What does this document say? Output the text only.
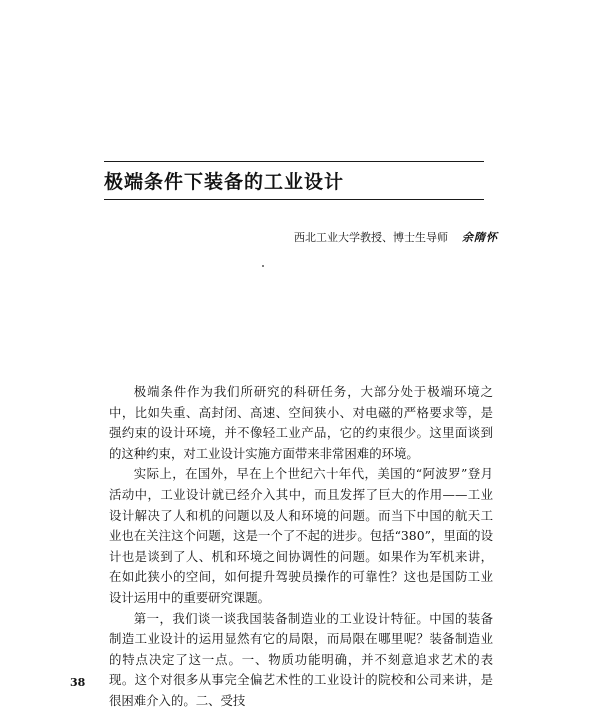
极端条件下装备的工业设计
西北工业大学教授、博士生导师 余隋怀

极端条件作为我们所研究的科研任务，大部分处于极端环境之中，比如失重、高封闭、高速、空间狭小、对电磁的严格要求等，是强约束的设计环境，并不像轻工业产品，它的约束很少。这里面谈到的这种约束，对工业设计实施方面带来非常困难的环境。

实际上，在国外，早在上个世纪六十年代，美国的“阿波罗”登月活动中，工业设计就已经介入其中，而且发挥了巨大的作用——工业设计解决了人和机的问题以及人和环境的问题。而当下中国的航天工业也在关注这个问题，这是一个了不起的进步。包括“380”，里面的设计也是谈到了人、机和环境之间协调性的问题。如果作为军机来讲，在如此狭小的空间，如何提升驾驶员操作的可靠性？这也是国防工业设计运用中的重要研究课题。

第一，我们谈一谈我国装备制造业的工业设计特征。中国的装备制造工业设计的运用显然有它的局限，而局限在哪里呢？装备制造业的特点决定了这一点。一、物质功能明确，并不刻意追求艺术的表现。这个对很多从事完全偏艺术性的工业设计的院校和公司来讲，是很困难介入的。二、受技

38
